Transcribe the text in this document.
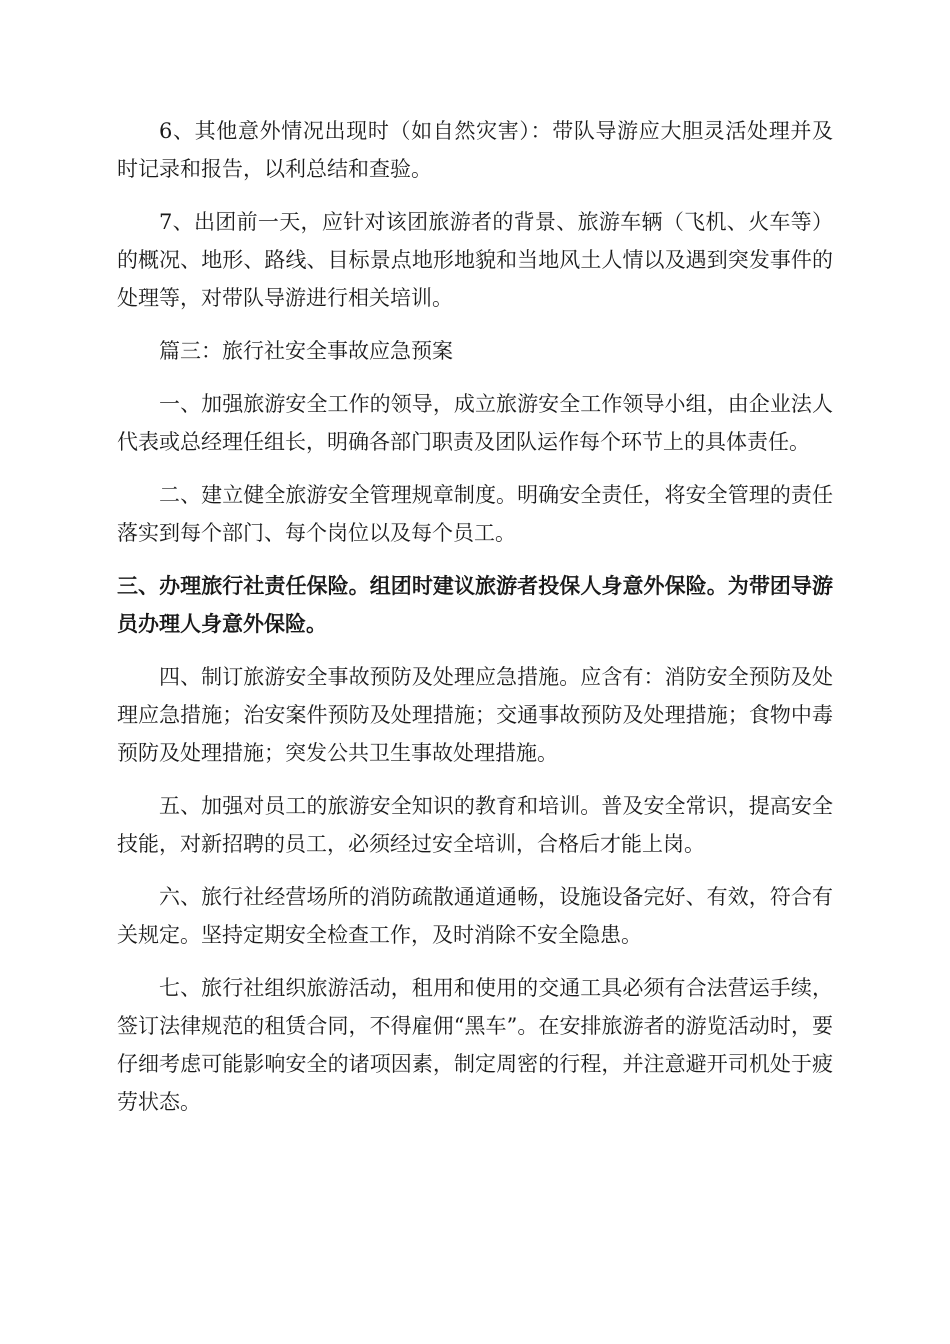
6、其他意外情况出现时（如自然灾害）：带队导游应大胆灵活处理并及时记录和报告，以利总结和查验。

7、出团前一天，应针对该团旅游者的背景、旅游车辆（飞机、火车等）的概况、地形、路线、目标景点地形地貌和当地风土人情以及遇到突发事件的处理等，对带队导游进行相关培训。

篇三：旅行社安全事故应急预案

一、加强旅游安全工作的领导，成立旅游安全工作领导小组，由企业法人代表或总经理任组长，明确各部门职责及团队运作每个环节上的具体责任。

二、建立健全旅游安全管理规章制度。明确安全责任，将安全管理的责任落实到每个部门、每个岗位以及每个员工。

三、办理旅行社责任保险。组团时建议旅游者投保人身意外保险。为带团导游员办理人身意外保险。

四、制订旅游安全事故预防及处理应急措施。应含有：消防安全预防及处理应急措施；治安案件预防及处理措施；交通事故预防及处理措施；食物中毒预防及处理措施；突发公共卫生事故处理措施。

五、加强对员工的旅游安全知识的教育和培训。普及安全常识，提高安全技能，对新招聘的员工，必须经过安全培训，合格后才能上岗。

六、旅行社经营场所的消防疏散通道通畅，设施设备完好、有效，符合有关规定。坚持定期安全检查工作，及时消除不安全隐患。

七、旅行社组织旅游活动，租用和使用的交通工具必须有合法营运手续，签订法律规范的租赁合同，不得雇佣“黑车”。在安排旅游者的游览活动时，要仔细考虑可能影响安全的诸项因素，制定周密的行程，并注意避开司机处于疲劳状态。
